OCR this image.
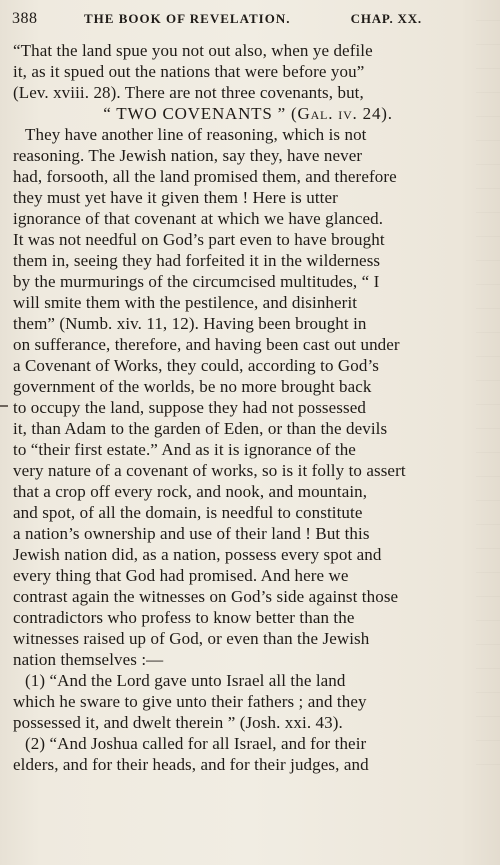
388	THE BOOK OF REVELATION.	CHAP. XX.
“That the land spue you not out also, when ye defile
it, as it spued out the nations that were before you”
(Lev. xviii. 28). There are not three covenants, but,
“ TWO COVENANTS ” (Gal. iv. 24).
They have another line of reasoning, which is not
reasoning. The Jewish nation, say they, have never
had, forsooth, all the land promised them, and therefore
they must yet have it given them ! Here is utter
ignorance of that covenant at which we have glanced.
It was not needful on God’s part even to have brought
them in, seeing they had forfeited it in the wilderness
by the murmurings of the circumcised multitudes, “ I
will smite them with the pestilence, and disinherit
them” (Numb. xiv. 11, 12). Having been brought in
on sufferance, therefore, and having been cast out under
a Covenant of Works, they could, according to God’s
government of the worlds, be no more brought back
to occupy the land, suppose they had not possessed
it, than Adam to the garden of Eden, or than the devils
to “their first estate.” And as it is ignorance of the
very nature of a covenant of works, so is it folly to assert
that a crop off every rock, and nook, and mountain,
and spot, of all the domain, is needful to constitute
a nation’s ownership and use of their land ! But this
Jewish nation did, as a nation, possess every spot and
every thing that God had promised. And here we
contrast again the witnesses on God’s side against those
contradictors who profess to know better than the
witnesses raised up of God, or even than the Jewish
nation themselves :—
(1) “And the Lord gave unto Israel all the land
which he sware to give unto their fathers ; and they
possessed it, and dwelt therein ” (Josh. xxi. 43).
(2) “And Joshua called for all Israel, and for their
elders, and for their heads, and for their judges, and
